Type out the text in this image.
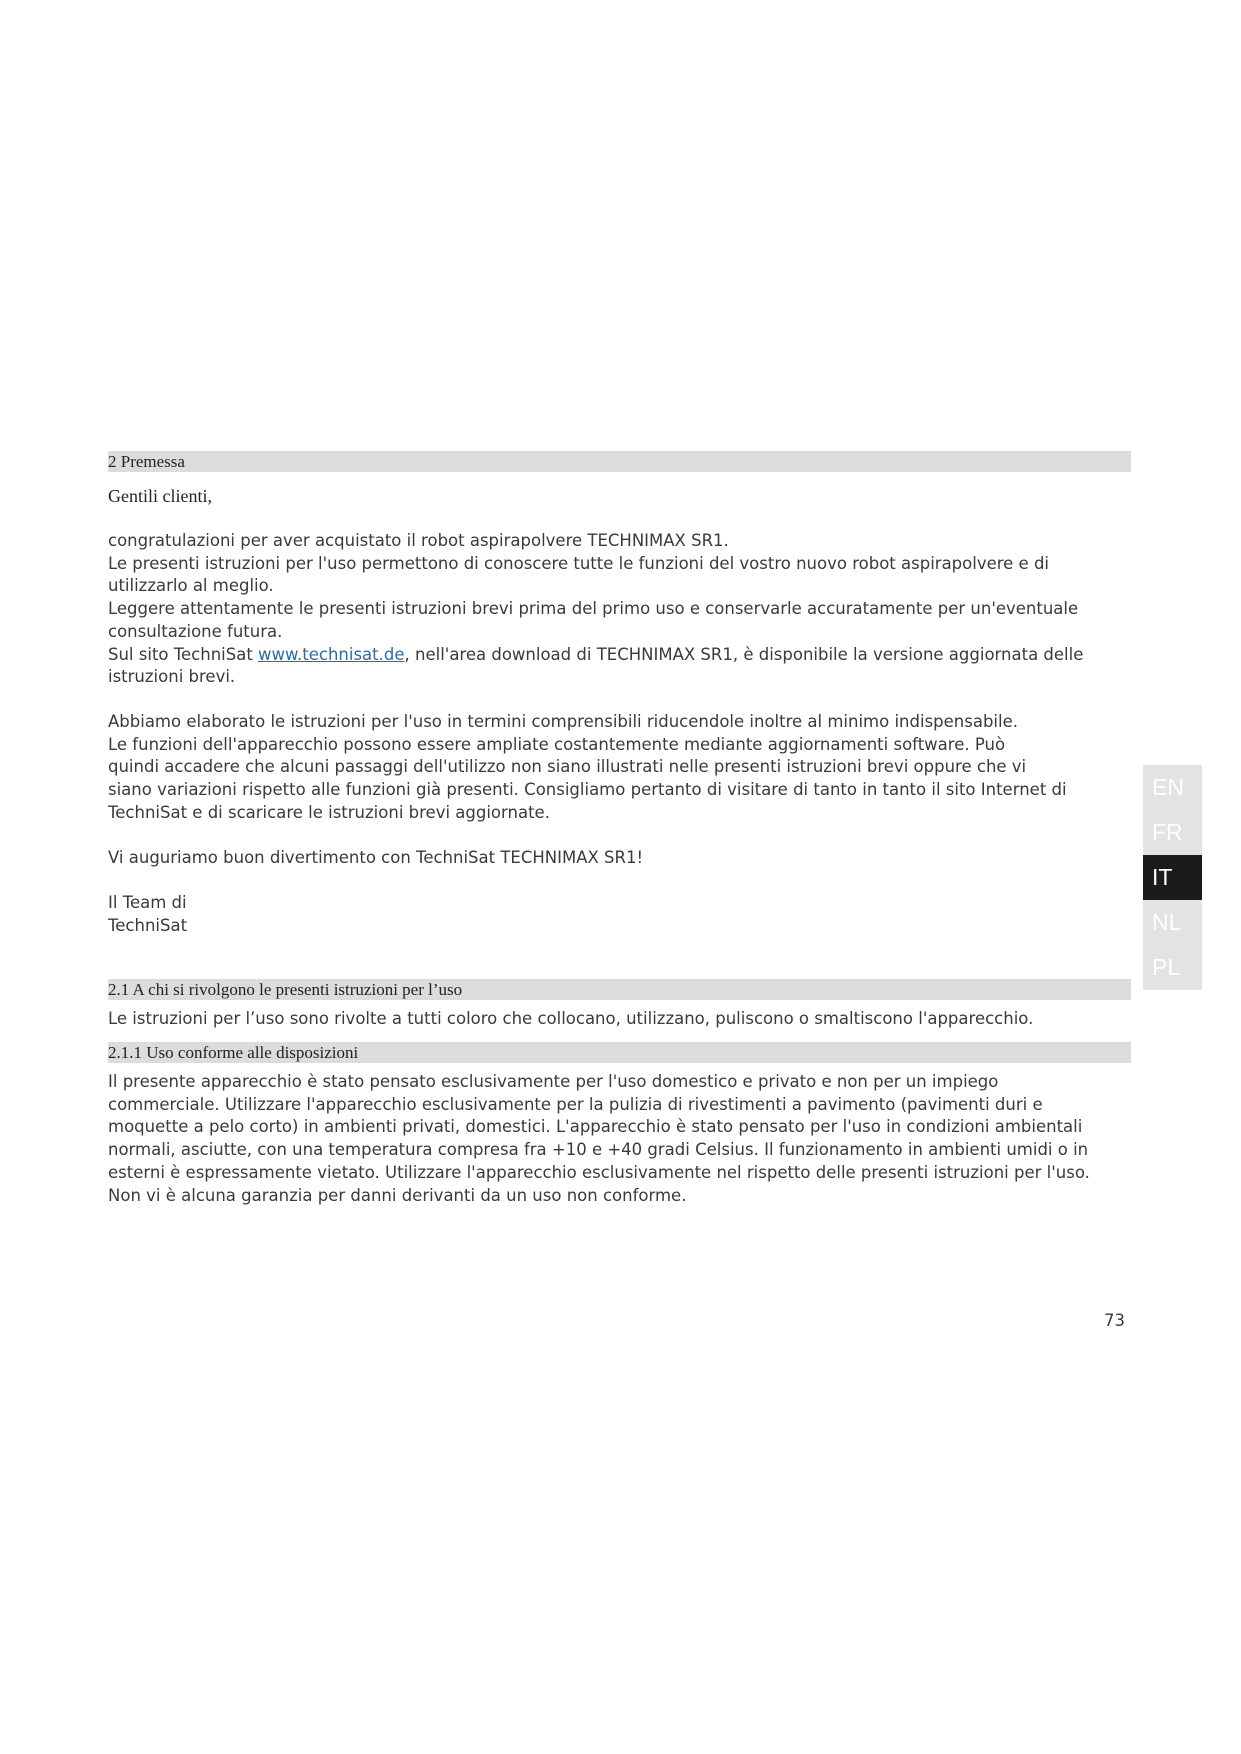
2 Premessa
Gentili clienti,
congratulazioni per aver acquistato il robot aspirapolvere TECHNIMAX SR1.
Le presenti istruzioni per l'uso permettono di conoscere tutte le funzioni del vostro nuovo robot aspirapolvere e di
utilizzarlo al meglio.
Leggere attentamente le presenti istruzioni brevi prima del primo uso e conservarle accuratamente per un'eventuale
consultazione futura.
Sul sito TechniSat www.technisat.de, nell'area download di TECHNIMAX SR1, è disponibile la versione aggiornata delle
istruzioni brevi.
Abbiamo elaborato le istruzioni per l'uso in termini comprensibili riducendole inoltre al minimo indispensabile.
Le funzioni dell'apparecchio possono essere ampliate costantemente mediante aggiornamenti software. Può
quindi accadere che alcuni passaggi dell'utilizzo non siano illustrati nelle presenti istruzioni brevi oppure che vi
siano variazioni rispetto alle funzioni già presenti. Consigliamo pertanto di visitare di tanto in tanto il sito Internet di
TechniSat e di scaricare le istruzioni brevi aggiornate.
Vi auguriamo buon divertimento con TechniSat TECHNIMAX SR1!
Il Team di
TechniSat
2.1 A chi si rivolgono le presenti istruzioni per l’uso
Le istruzioni per l’uso sono rivolte a tutti coloro che collocano, utilizzano, puliscono o smaltiscono l'apparecchio.
2.1.1 Uso conforme alle disposizioni
Il presente apparecchio è stato pensato esclusivamente per l'uso domestico e privato e non per un impiego
commerciale. Utilizzare l'apparecchio esclusivamente per la pulizia di rivestimenti a pavimento (pavimenti duri e
moquette a pelo corto) in ambienti privati, domestici. L'apparecchio è stato pensato per l'uso in condizioni ambientali
normali, asciutte, con una temperatura compresa fra +10 e +40 gradi Celsius. Il funzionamento in ambienti umidi o in
esterni è espressamente vietato. Utilizzare l'apparecchio esclusivamente nel rispetto delle presenti istruzioni per l'uso.
Non vi è alcuna garanzia per danni derivanti da un uso non conforme.
EN
FR
IT
NL
PL
73
